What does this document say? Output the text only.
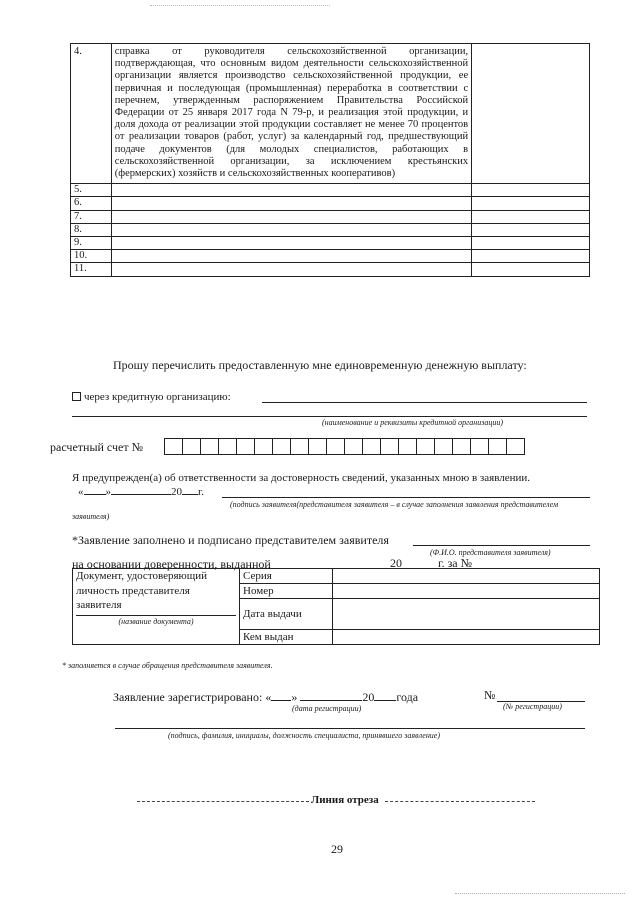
4.	справка от руководителя сельскохозяйственной организации, подтверждающая, что основным видом деятельности сельскохозяйственной организации является производство сельскохозяйственной продукции, ее первичная и последующая (промышленная) переработка в соответствии с перечнем, утвержденным распоряжением Правительства Российской Федерации от 25 января 2017 года N 79-р, и реализация этой продукции, и доля дохода от реализации этой продукции составляет не менее 70 процентов от реализации товаров (работ, услуг) за календарный год, предшествующий подаче документов (для молодых специалистов, работающих в сельскохозяйственной организации, за исключением крестьянских (фермерских) хозяйств и сельскохозяйственных кооперативов)	
5.		
6.		
7.		
8.		
9.		
10.		
11.		
Прошу перечислить предоставленную мне единовременную денежную выплату:
через кредитную организацию:
(наименование и реквизиты кредитной организации)
расчетный счет №
Я предупрежден(а) об ответственности за достоверность сведений, указанных мною в заявлении.
« »	20 г.
(подпись заявителя(представителя заявителя – в случае заполнения заявления представителем
заявителя)
*Заявление заполнено и подписано представителем заявителя
(Ф.И.О. представителя заявителя)
на основании доверенности, выданной	20	г. за №
Документ, удостоверяющий личность представителя заявителя
(название документа)	Серия	
	Номер	
	Дата выдачи	
	Кем выдан	
* заполняется в случае обращения представителя заявителя.
Заявление зарегистрировано: « »	20 года	№
(дата регистрации)	(№ регистрации)
(подпись, фамилия, инициалы, должность специалиста, принявшего заявление)
Линия отреза
29
